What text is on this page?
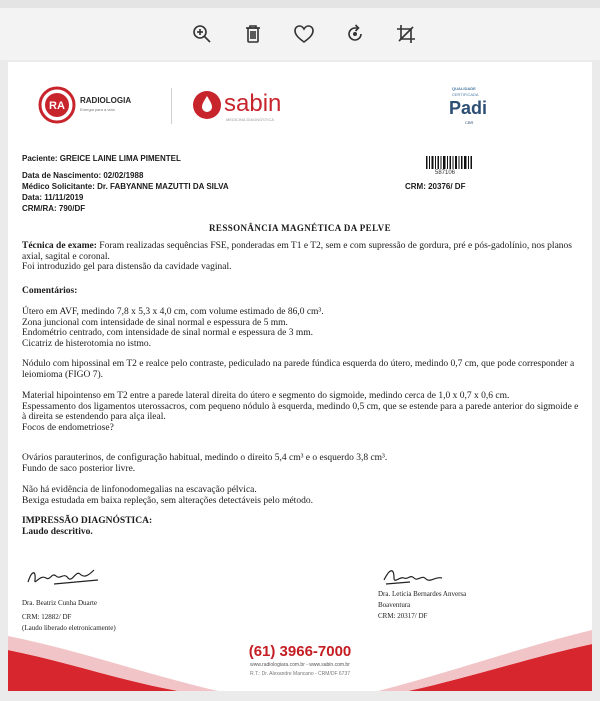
RA RADIOLOGIA
Energia para a vida	sabin
MEDICINA DIAGNÓSTICA
QUALIDADE
CERTIFICADA
Padi
CBR
Paciente: GREICE LAINE LIMA PIMENTEL
Data de Nascimento: 02/02/1988
Médico Solicitante: Dr. FABYANNE MAZUTTI DA SILVA
Data: 11/11/2019
CRM/RA: 790/DF
587106
CRM: 20376/ DF
RESSONÂNCIA MAGNÉTICA DA PELVE
Técnica de exame: Foram realizadas sequências FSE, ponderadas em T1 e T2, sem e com supressão de gordura, pré e pós-gadolínio, nos planos axial, sagital e coronal.
Foi introduzido gel para distensão da cavidade vaginal.
Comentários:
Útero em AVF, medindo 7,8 x 5,3 x 4,0 cm, com volume estimado de 86,0 cm³.
Zona juncional com intensidade de sinal normal e espessura de 5 mm.
Endométrio centrado, com intensidade de sinal normal e espessura de 3 mm.
Cicatriz de histerotomia no istmo.
Nódulo com hipossinal em T2 e realce pelo contraste, pediculado na parede fúndica esquerda do útero, medindo 0,7 cm, que pode corresponder a leiomioma (FIGO 7).
Material hipointenso em T2 entre a parede lateral direita do útero e segmento do sigmoide, medindo cerca de 1,0 x 0,7 x 0,6 cm.
Espessamento dos ligamentos uterossacros, com pequeno nódulo à esquerda, medindo 0,5 cm, que se estende para a parede anterior do sigmoide e à direita se estendendo para alça ileal.
Focos de endometriose?
Ovários parauterinos, de configuração habitual, medindo o direito 5,4 cm³ e o esquerdo 3,8 cm³.
Fundo de saco posterior livre.
Não há evidência de linfonodomegalias na escavação pélvica.
Bexiga estudada em baixa repleção, sem alterações detectáveis pelo método.
IMPRESSÃO DIAGNÓSTICA:
Laudo descritivo.
Dra. Beatriz Cunha Duarte
CRM: 12882/ DF
(Laudo liberado eletronicamente)
Dra. Leticia Bernardes Anversa
Boaventura
CRM: 20317/ DF
(61) 3966-7000
www.radiologiara.com.br - www.sabin.com.br
R.T.: Dr. Alexandre Mancano - CRM/DF 6737
